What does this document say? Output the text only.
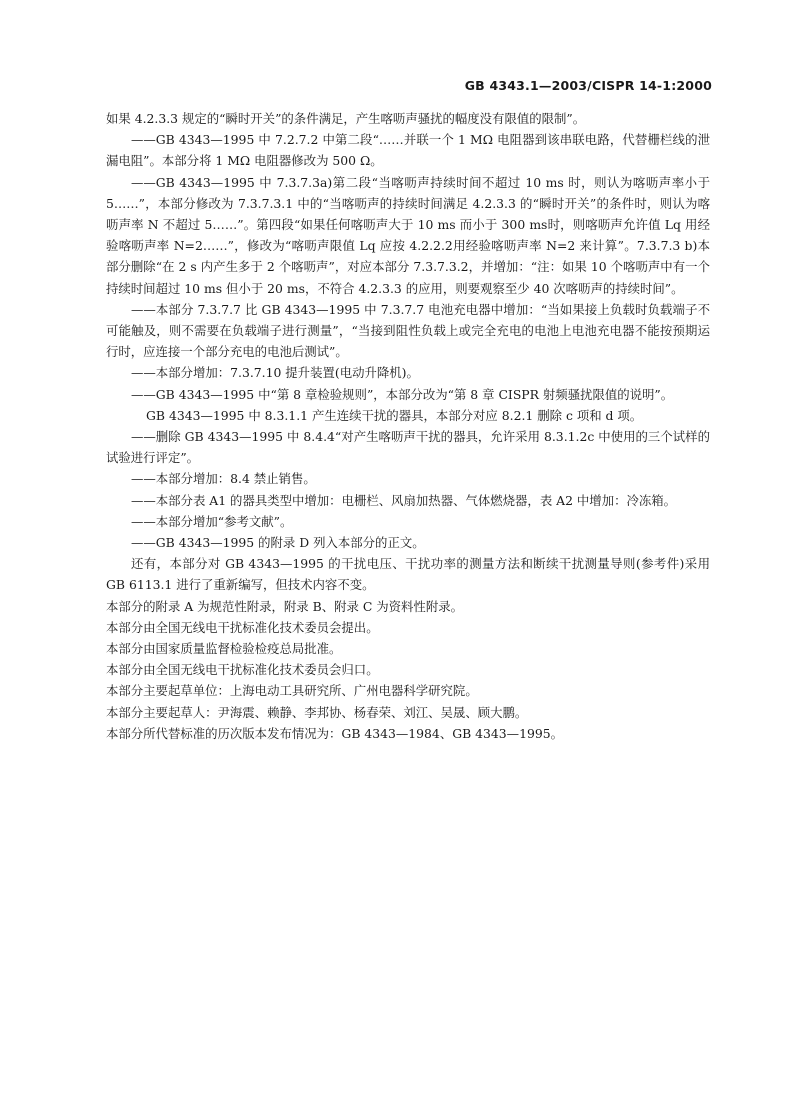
GB 4343.1—2003/CISPR 14-1:2000

如果 4.2.3.3 规定的“瞬时开关”的条件满足，产生喀呖声骚扰的幅度没有限值的限制”。

——GB 4343—1995 中 7.2.7.2 中第二段“……并联一个 1 MΩ 电阻器到该串联电路，代替栅栏线的泄漏电阻”。本部分将 1 MΩ 电阻器修改为 500 Ω。

——GB 4343—1995 中 7.3.7.3a)第二段“当喀呖声持续时间不超过 10 ms 时，则认为喀呖声率小于 5……”，本部分修改为 7.3.7.3.1 中的“当喀呖声的持续时间满足 4.2.3.3 的“瞬时开关”的条件时，则认为喀呖声率 N 不超过 5……”。第四段“如果任何喀呖声大于 10 ms 而小于 300 ms时，则喀呖声允许值 Lq 用经验喀呖声率 N=2……”，修改为“喀呖声限值 Lq 应按 4.2.2.2用经验喀呖声率 N=2 来计算”。7.3.7.3 b)本部分删除“在 2 s 内产生多于 2 个喀呖声”，对应本部分 7.3.7.3.2，并增加：“注：如果 10 个喀呖声中有一个持续时间超过 10 ms 但小于 20 ms，不符合 4.2.3.3 的应用，则要观察至少 40 次喀呖声的持续时间”。

——本部分 7.3.7.7 比 GB 4343—1995 中 7.3.7.7 电池充电器中增加：“当如果接上负载时负载端子不可能触及，则不需要在负载端子进行测量”，“当接到阻性负载上或完全充电的电池上电池充电器不能按预期运行时，应连接一个部分充电的电池后测试”。

——本部分增加：7.3.7.10 提升装置(电动升降机)。

——GB 4343—1995 中“第 8 章检验规则”，本部分改为“第 8 章 CISPR 射频骚扰限值的说明”。

GB 4343—1995 中 8.3.1.1 产生连续干扰的器具，本部分对应 8.2.1 删除 c 项和 d 项。

——删除 GB 4343—1995 中 8.4.4“对产生喀呖声干扰的器具，允许采用 8.3.1.2c 中使用的三个试样的试验进行评定”。

——本部分增加：8.4 禁止销售。

——本部分表 A1 的器具类型中增加：电栅栏、风扇加热器、气体燃烧器，表 A2 中增加：冷冻箱。

——本部分增加“参考文献”。

——GB 4343—1995 的附录 D 列入本部分的正文。

还有，本部分对 GB 4343—1995 的干扰电压、干扰功率的测量方法和断续干扰测量导则(参考件)采用 GB 6113.1 进行了重新编写，但技术内容不变。

本部分的附录 A 为规范性附录，附录 B、附录 C 为资料性附录。

本部分由全国无线电干扰标准化技术委员会提出。

本部分由国家质量监督检验检疫总局批准。

本部分由全国无线电干扰标准化技术委员会归口。

本部分主要起草单位：上海电动工具研究所、广州电器科学研究院。

本部分主要起草人：尹海震、赖静、李邦协、杨春荣、刘江、吴晟、顾大鹏。

本部分所代替标准的历次版本发布情况为：GB 4343—1984、GB 4343—1995。
